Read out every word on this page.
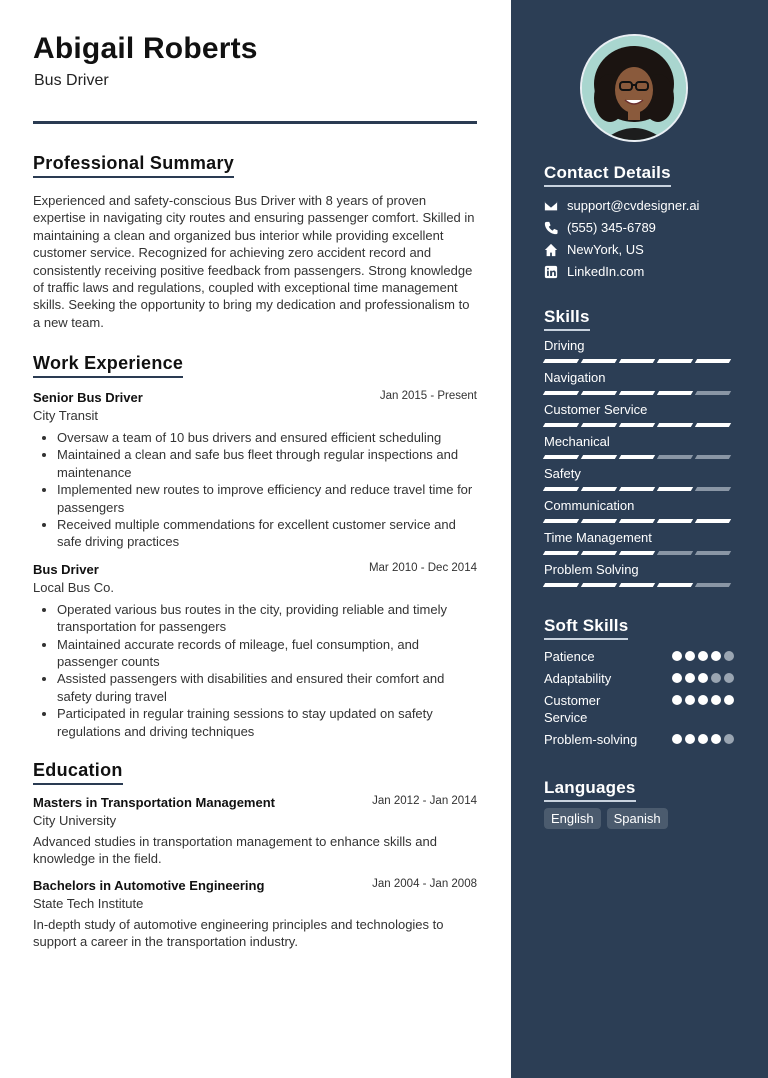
Abigail Roberts
Bus Driver
Professional Summary
Experienced and safety-conscious Bus Driver with 8 years of proven expertise in navigating city routes and ensuring passenger comfort. Skilled in maintaining a clean and organized bus interior while providing excellent customer service. Recognized for achieving zero accident record and consistently receiving positive feedback from passengers. Strong knowledge of traffic laws and regulations, coupled with exceptional time management skills. Seeking the opportunity to bring my dedication and professionalism to a new team.
Work Experience
Senior Bus Driver	Jan 2015 - Present
City Transit
• Oversaw a team of 10 bus drivers and ensured efficient scheduling
• Maintained a clean and safe bus fleet through regular inspections and maintenance
• Implemented new routes to improve efficiency and reduce travel time for passengers
• Received multiple commendations for excellent customer service and safe driving practices
Bus Driver	Mar 2010 - Dec 2014
Local Bus Co.
• Operated various bus routes in the city, providing reliable and timely transportation for passengers
• Maintained accurate records of mileage, fuel consumption, and passenger counts
• Assisted passengers with disabilities and ensured their comfort and safety during travel
• Participated in regular training sessions to stay updated on safety regulations and driving techniques
Education
Masters in Transportation Management	Jan 2012 - Jan 2014
City University
Advanced studies in transportation management to enhance skills and knowledge in the field.
Bachelors in Automotive Engineering	Jan 2004 - Jan 2008
State Tech Institute
In-depth study of automotive engineering principles and technologies to support a career in the transportation industry.
Contact Details
support@cvdesigner.ai
(555) 345-6789
NewYork, US
LinkedIn.com
Skills
Driving
Navigation
Customer Service
Mechanical
Safety
Communication
Time Management
Problem Solving
Soft Skills
Patience
Adaptability
Customer Service
Problem-solving
Languages
English	Spanish
